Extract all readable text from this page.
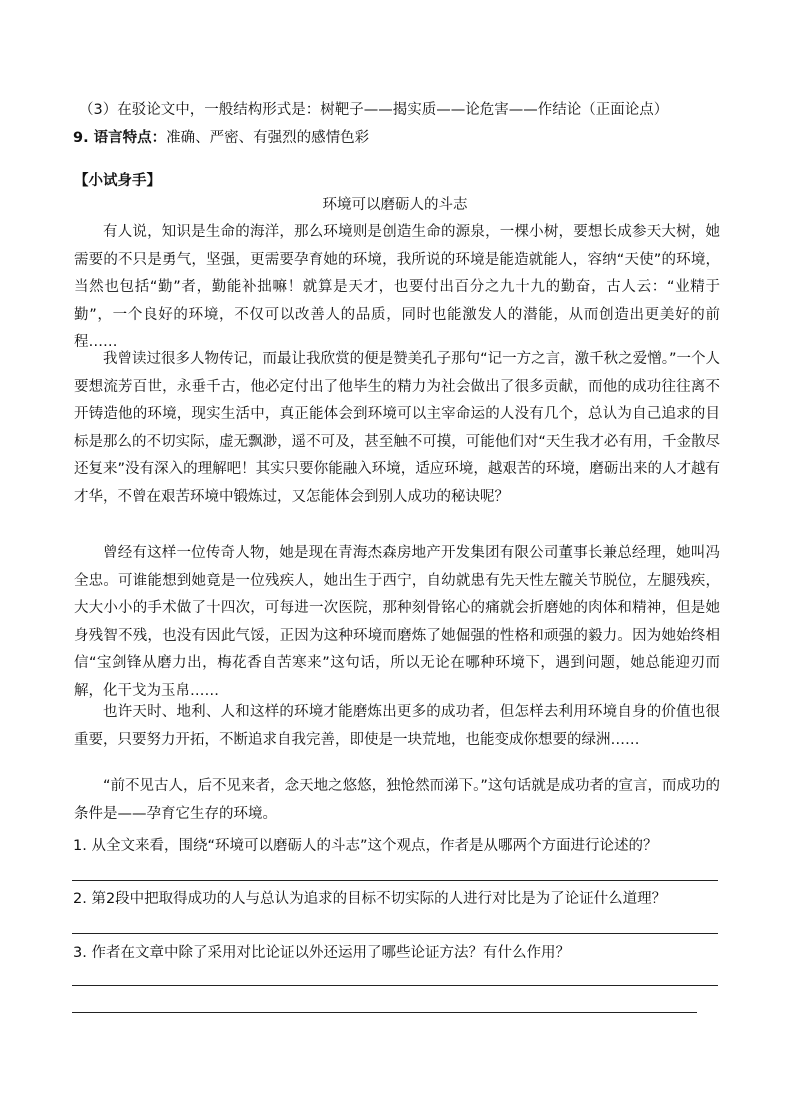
（3）在驳论文中，一般结构形式是：树靶子——揭实质——论危害——作结论（正面论点）
9. 语言特点：准确、严密、有强烈的感情色彩
【小试身手】
环境可以磨砺人的斗志
有人说，知识是生命的海洋，那么环境则是创造生命的源泉，一棵小树，要想长成参天大树，她需要的不只是勇气，坚强，更需要孕育她的环境，我所说的环境是能造就能人，容纳“天使”的环境，当然也包括“勤”者，勤能补拙嘛！就算是天才，也要付出百分之九十九的勤奋，古人云：“业精于勤”，一个良好的环境，不仅可以改善人的品质，同时也能激发人的潜能，从而创造出更美好的前程……
我曾读过很多人物传记，而最让我欣赏的便是赞美孔子那句“记一方之言，激千秋之爱憎。”一个人要想流芳百世，永垂千古，他必定付出了他毕生的精力为社会做出了很多贡献，而他的成功往往离不开铸造他的环境，现实生活中，真正能体会到环境可以主宰命运的人没有几个，总认为自己追求的目标是那么的不切实际，虚无飘渺，遥不可及，甚至触不可摸，可能他们对“天生我才必有用，千金散尽还复来”没有深入的理解吧！其实只要你能融入环境，适应环境，越艰苦的环境，磨砺出来的人才越有才华，不曾在艰苦环境中锻炼过，又怎能体会到别人成功的秘诀呢？
曾经有这样一位传奇人物，她是现在青海杰森房地产开发集团有限公司董事长兼总经理，她叫冯全忠。可谁能想到她竟是一位残疾人，她出生于西宁，自幼就患有先天性左髋关节脱位，左腿残疾，大大小小的手术做了十四次，可每进一次医院，那种刻骨铭心的痛就会折磨她的肉体和精神，但是她身残智不残，也没有因此气馁，正因为这种环境而磨炼了她倔强的性格和顽强的毅力。因为她始终相信“宝剑锋从磨力出，梅花香自苦寒来”这句话，所以无论在哪种环境下，遇到问题，她总能迎刃而解，化干戈为玉帛……
也许天时、地利、人和这样的环境才能磨炼出更多的成功者，但怎样去利用环境自身的价值也很重要，只要努力开拓，不断追求自我完善，即使是一块荒地，也能变成你想要的绿洲……
“前不见古人，后不见来者，念天地之悠悠，独怆然而涕下。”这句话就是成功者的宣言，而成功的条件是——孕育它生存的环境。
1. 从全文来看，围绕“环境可以磨砺人的斗志”这个观点，作者是从哪两个方面进行论述的？
2. 第2段中把取得成功的人与总认为追求的目标不切实际的人进行对比是为了论证什么道理？
3. 作者在文章中除了采用对比论证以外还运用了哪些论证方法？有什么作用？
